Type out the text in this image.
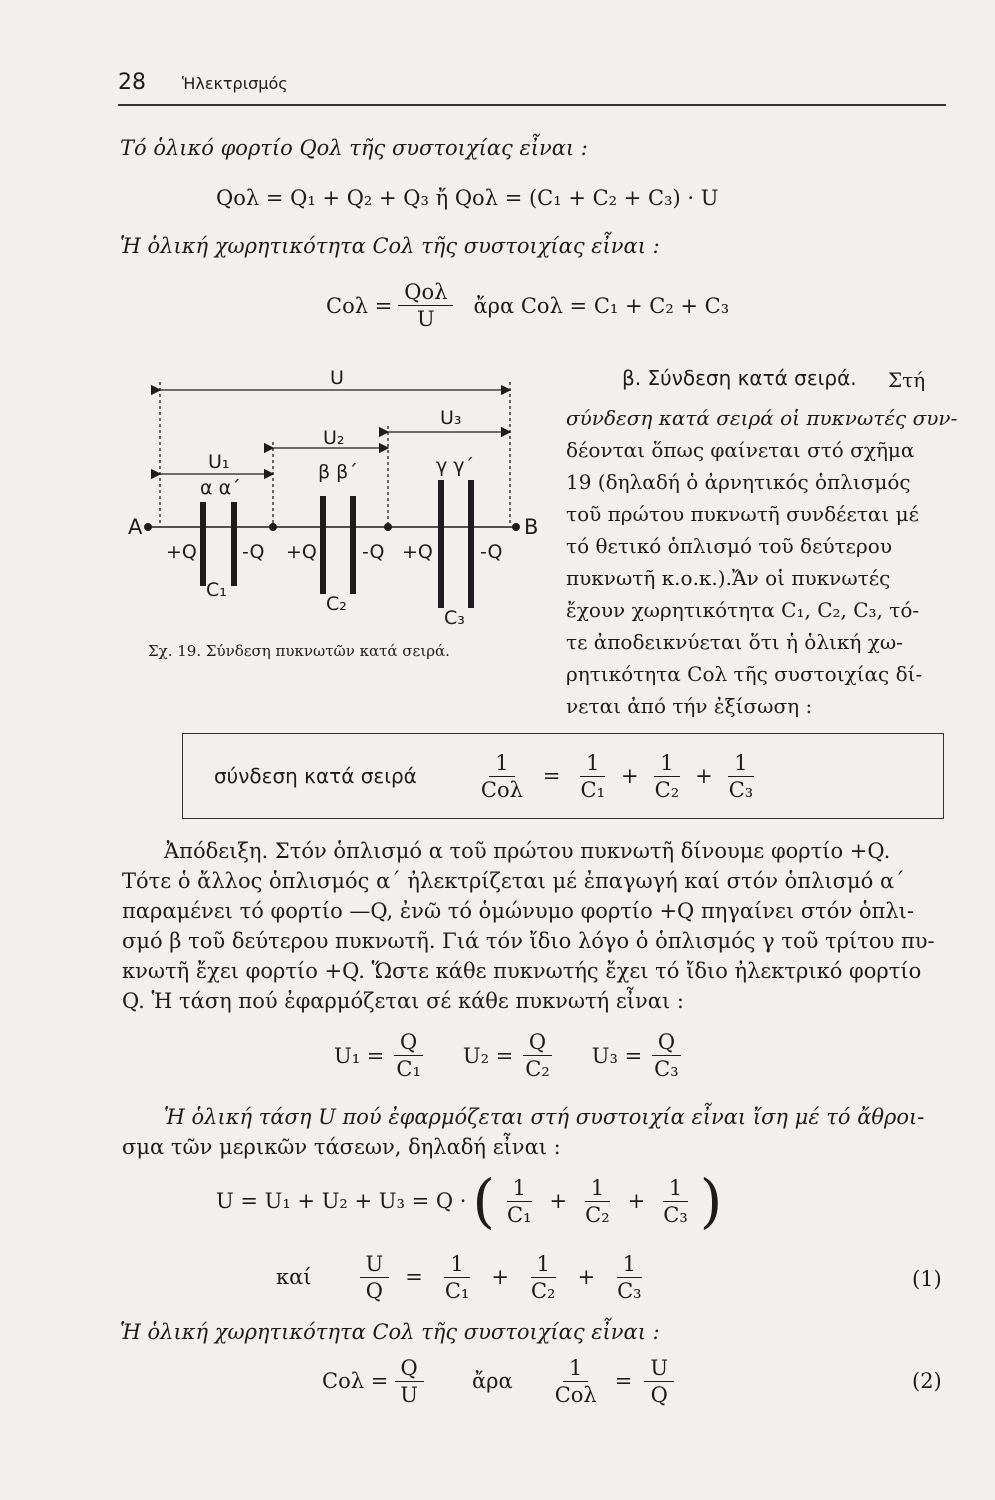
28 Ἡλεκτρισμός
Τό ὁλικό φορτίο Qολ τῆς συστοιχίας εἶναι :
Qολ = Q₁ + Q₂ + Q₃ ἤ Qολ = (C₁ + C₂ + C₃) · U
Ἡ ὁλική χωρητικότητα Cολ τῆς συστοιχίας εἶναι :
$Co\lambda = \frac{\text{Qολ}}{U}$ ἄρα Cολ = C₁ + C₂ + C₃
U
U₃
U₂
U₁
A	B
α α΄
β β΄	γ γ΄
+Q -Q +Q -Q +Q -Q
C₁
C₂
C₃
Σχ. 19. Σύνδεση πυκνωτῶν κατά σειρά.
β. Σύνδεση κατά σειρά. Στή
σύνδεση κατά σειρά οἱ πυκνωτές συν-
δέονται ὅπως φαίνεται στό σχῆμα
19 (δηλαδή ὁ ἀρνητικός ὁπλισμός
τοῦ πρώτου πυκνωτῆ συνδέεται μέ
τό θετικό ὁπλισμό τοῦ δεύτερου
πυκνωτῆ κ.ο.κ.).Ἄν οἱ πυκνωτές
ἔχουν χωρητικότητα C₁, C₂, C₃, τό-
τε ἀποδεικνύεται ὅτι ἡ ὁλική χω-
ρητικότητα Cολ τῆς συστοιχίας δί-
νεται ἀπό τήν ἐξίσωση :
σύνδεση κατά σειρά	$\frac{1}{\text{Cολ}} = \frac{1}{\text{C₁}} + \frac{1}{\text{C₂}} + \frac{1}{\text{C₃}}$
Ἀπόδειξη. Στόν ὁπλισμό α τοῦ πρώτου πυκνωτῆ δίνουμε φορτίο +Q.
Τότε ὁ ἄλλος ὁπλισμός α΄ ἠλεκτρίζεται μέ ἐπαγωγή καί στόν ὁπλισμό α΄
παραμένει τό φορτίο —Q, ἐνῶ τό ὁμώνυμο φορτίο +Q πηγαίνει στόν ὁπλι-
σμό β τοῦ δεύτερου πυκνωτῆ. Γιά τόν ἴδιο λόγο ὁ ὁπλισμός γ τοῦ τρίτου πυ-
κνωτῆ ἔχει φορτίο +Q. Ὥστε κάθε πυκνωτής ἔχει τό ἴδιο ἠλεκτρικό φορτίο
Q. Ἡ τάση πού ἐφαρμόζεται σέ κάθε πυκνωτή εἶναι :
$U_1 = \frac{Q}{\text{C₁}} U_2 = \frac{Q}{\text{C₂}} U_3 = \frac{Q}{\text{C₃}}$
Ἡ ὁλική τάση U πού ἐφαρμόζεται στή συστοιχία εἶναι ἴση μέ τό ἄθροι-
σμα τῶν μερικῶν τάσεων, δηλαδή εἶναι :
U = U₁ + U₂ + U₃ = Q · ( $\frac{1}{\text{C₁}} + \frac{1}{\text{C₂}} + \frac{1}{\text{C₃}}$ )
καί $\frac{U}{Q} = \frac{1}{\text{C₁}} + \frac{1}{\text{C₂}} + \frac{1}{\text{C₃}}$	(1)
Ἡ ὁλική χωρητικότητα Cολ τῆς συστοιχίας εἶναι :
$Co\lambda = \frac{Q}{U}$ ἄρα $\frac{1}{\text{Cολ}} = \frac{U}{Q}$	(2)
